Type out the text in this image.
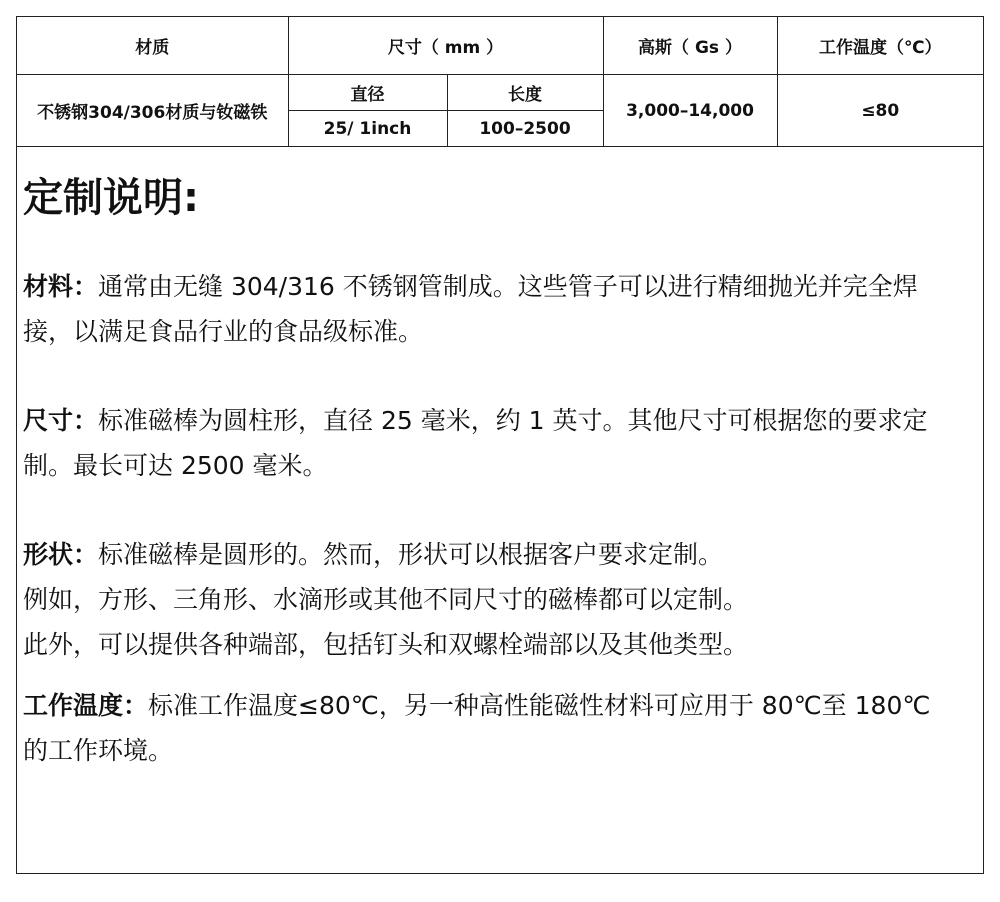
材质	尺寸（ mm ）		高斯（ Gs ）	工作温度（℃）
不锈钢304/306材质与钕磁铁	直径	长度	3,000–14,000	≤80
	25/ 1inch	100–2500		
定制说明:

材料：通常由无缝 304/316 不锈钢管制成。这些管子可以进行精细抛光并完全焊接，以满足食品行业的食品级标准。

尺寸：标准磁棒为圆柱形，直径 25 毫米，约 1 英寸。其他尺寸可根据您的要求定制。最长可达 2500 毫米。

形状：标准磁棒是圆形的。然而，形状可以根据客户要求定制。

例如，方形、三角形、水滴形或其他不同尺寸的磁棒都可以定制。

此外，可以提供各种端部，包括钉头和双螺栓端部以及其他类型。

工作温度：标准工作温度≤80℃，另一种高性能磁性材料可应用于 80℃至 180℃的工作环境。
